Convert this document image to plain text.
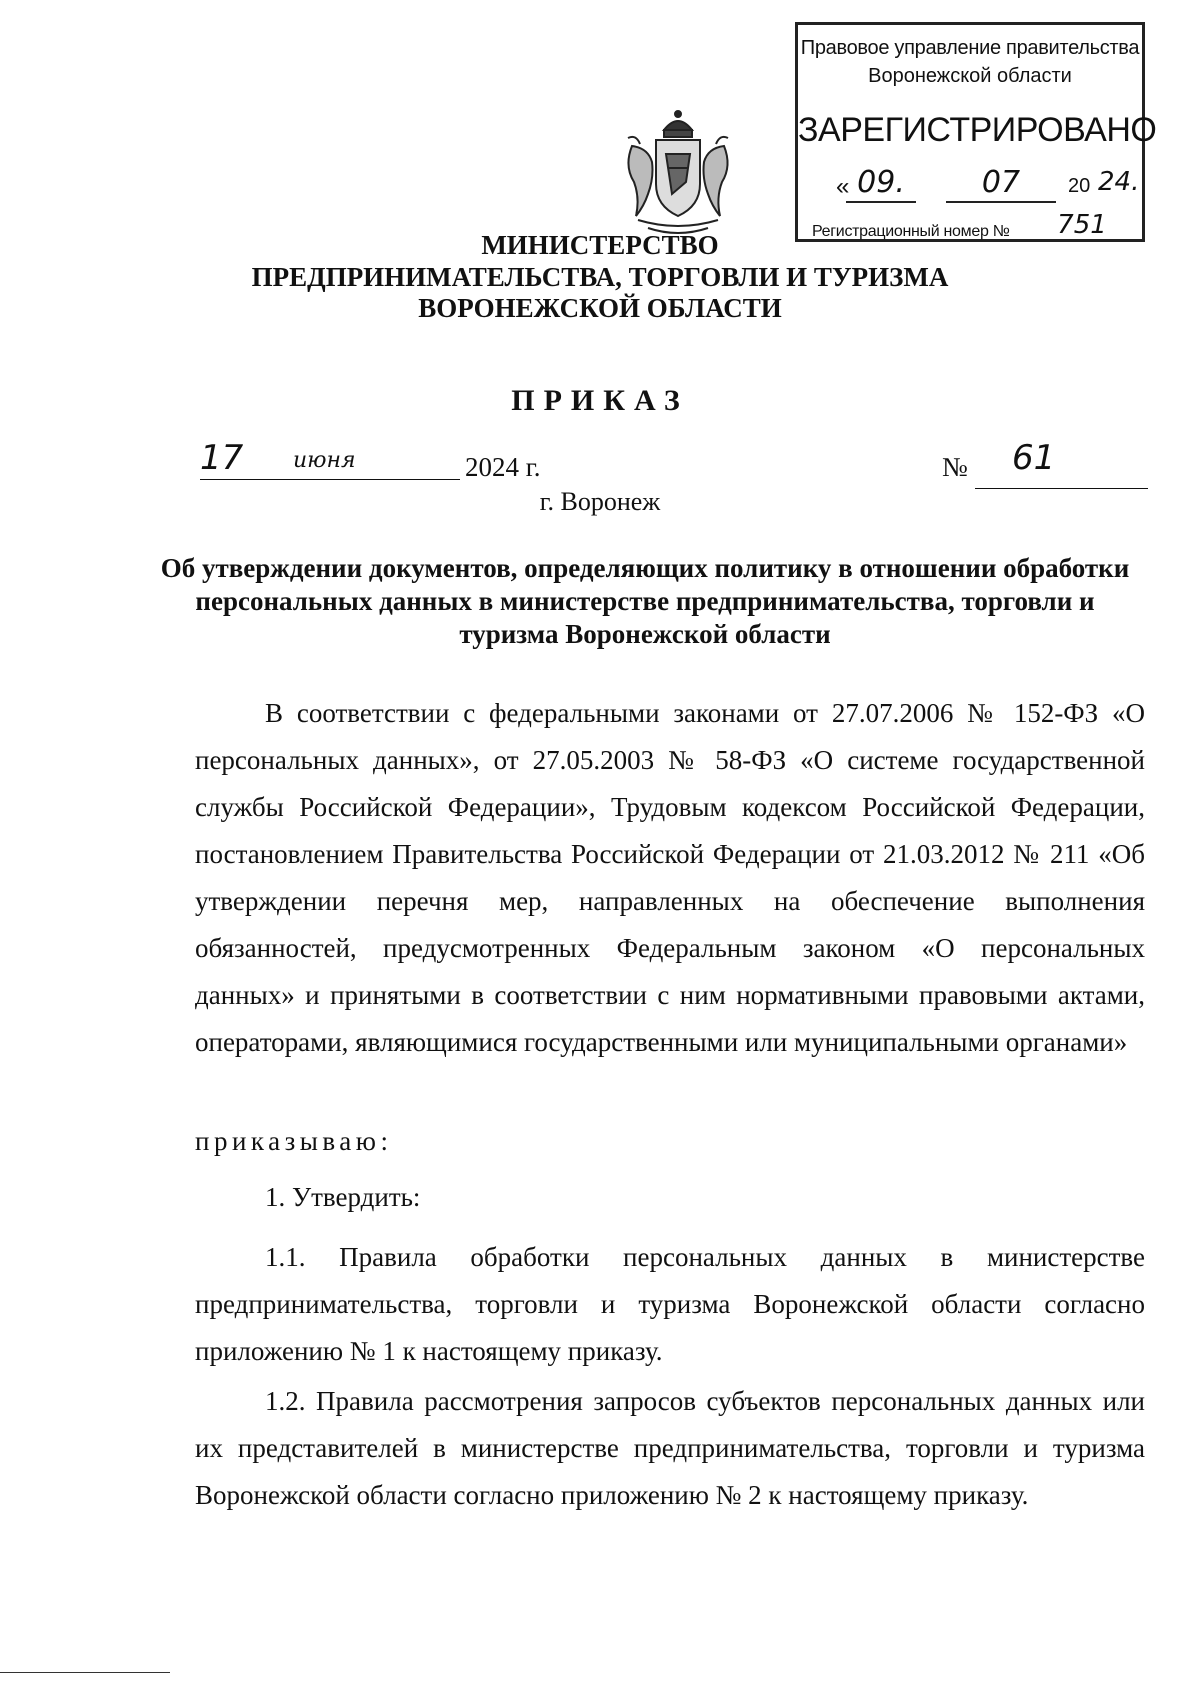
Правовое управление правительства
Воронежской области
ЗАРЕГИСТРИРОВАНО
« 09.	07	20 24.
Регистрационный номер №	751
МИНИСТЕРСТВО
ПРЕДПРИНИМАТЕЛЬСТВА, ТОРГОВЛИ И ТУРИЗМА
ВОРОНЕЖСКОЙ ОБЛАСТИ
ПРИКАЗ
17	июня	2024 г.	№ 61
г. Воронеж
Об утверждении документов, определяющих политику в отношении обработки персональных данных в министерстве предпринимательства, торговли и туризма Воронежской области
В соответствии с федеральными законами от 27.07.2006 № 152-ФЗ «О персональных данных», от 27.05.2003 № 58-ФЗ «О системе государственной службы Российской Федерации», Трудовым кодексом Российской Федерации, постановлением Правительства Российской Федерации от 21.03.2012 № 211 «Об утверждении перечня мер, направленных на обеспечение выполнения обязанностей, предусмотренных Федеральным законом «О персональных данных» и принятыми в соответствии с ним нормативными правовыми актами, операторами, являющимися государственными или муниципальными органами»
приказываю:
1. Утвердить:
1.1. Правила обработки персональных данных в министерстве предпринимательства, торговли и туризма Воронежской области согласно приложению № 1 к настоящему приказу.
1.2. Правила рассмотрения запросов субъектов персональных данных или их представителей в министерстве предпринимательства, торговли и туризма Воронежской области согласно приложению № 2 к настоящему приказу.
